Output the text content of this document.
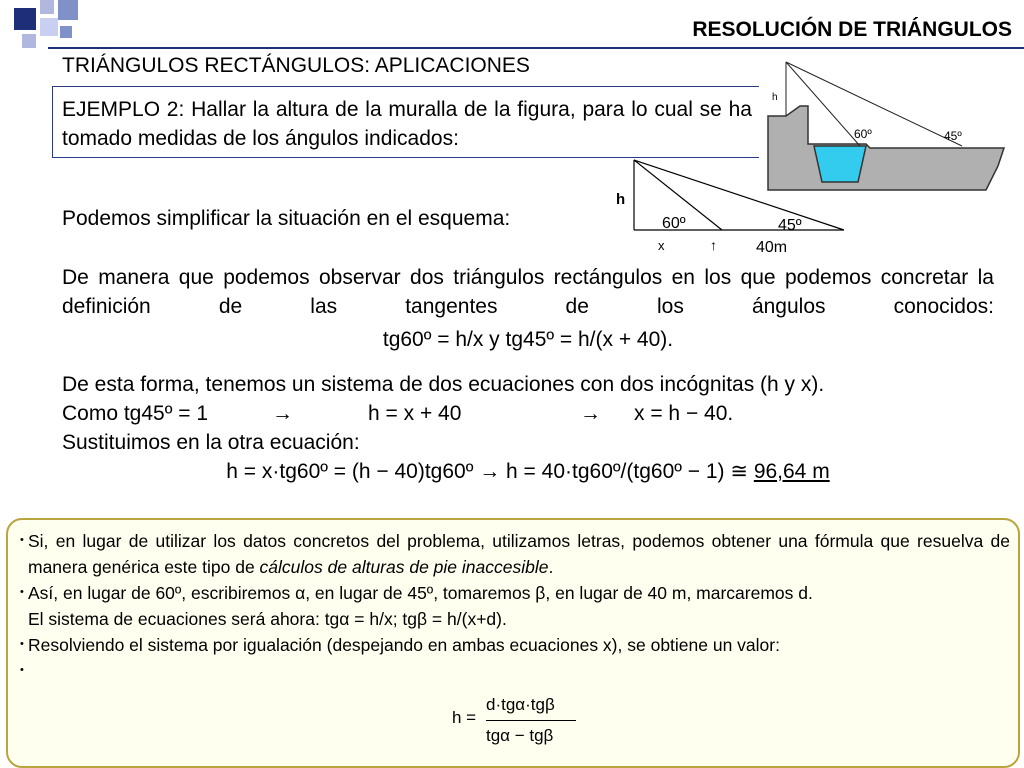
RESOLUCIÓN DE TRIÁNGULOS
TRIÁNGULOS RECTÁNGULOS: APLICACIONES
EJEMPLO 2: Hallar la altura de la muralla de la figura, para lo cual se ha tomado medidas de los ángulos indicados:
h
60º	45º
Podemos simplificar la situación en el esquema:
h
60º	45º
x	↑ 40m
De manera que podemos observar dos triángulos rectángulos en los que podemos concretar la definición de las tangentes de los ángulos conocidos:
tg60º = h/x y tg45º = h/(x + 40).
De esta forma, tenemos un sistema de dos ecuaciones con dos incógnitas (h y x).
Como tg45º = 1	→	h = x + 40	→ x = h − 40.
Sustituimos en la otra ecuación:
h = x·tg60º = (h − 40)tg60º → h = 40·tg60º/(tg60º − 1) ≅ 96,64 m
Si, en lugar de utilizar los datos concretos del problema, utilizamos letras, podemos obtener una fórmula que resuelva de manera genérica este tipo de cálculos de alturas de pie inaccesible.
Así, en lugar de 60º, escribiremos α, en lugar de 45º, tomaremos β, en lugar de 40 m, marcaremos d.
El sistema de ecuaciones será ahora: tgα = h/x; tgβ = h/(x+d).
Resolviendo el sistema por igualación (despejando en ambas ecuaciones x), se obtiene un valor:
•
•
•
•
h =
d·tgα·tgβ
tgα − tgβ
